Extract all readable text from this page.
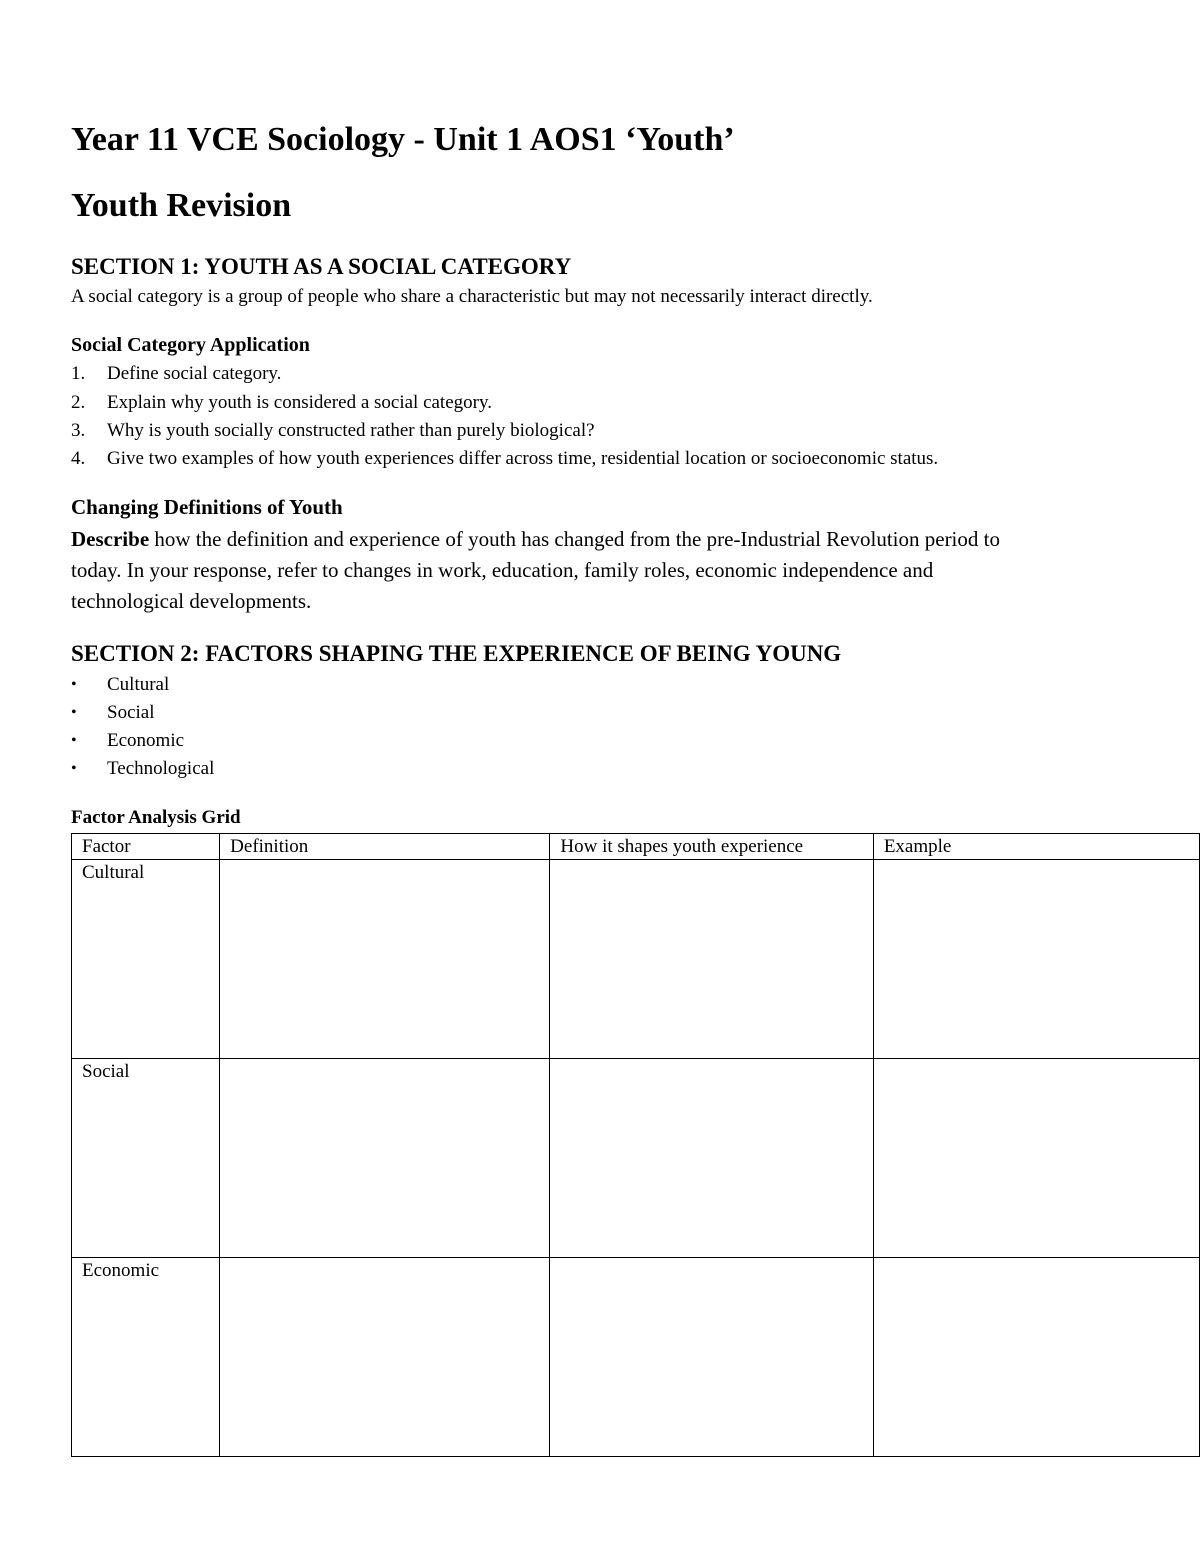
Year 11 VCE Sociology - Unit 1 AOS1 ‘Youth’
Youth Revision
SECTION 1: YOUTH AS A SOCIAL CATEGORY
A social category is a group of people who share a characteristic but may not necessarily interact directly.
Social Category Application
1. Define social category.
2. Explain why youth is considered a social category.
3. Why is youth socially constructed rather than purely biological?
4. Give two examples of how youth experiences differ across time, residential location or socioeconomic status.
Changing Definitions of Youth
Describe how the definition and experience of youth has changed from the pre-Industrial Revolution period to
today. In your response, refer to changes in work, education, family roles, economic independence and
technological developments.
SECTION 2: FACTORS SHAPING THE EXPERIENCE OF BEING YOUNG
• Cultural
• Social
• Economic
• Technological
Factor Analysis Grid
Factor	Definition	How it shapes youth experience	Example
Cultural			
Social			
Economic			
